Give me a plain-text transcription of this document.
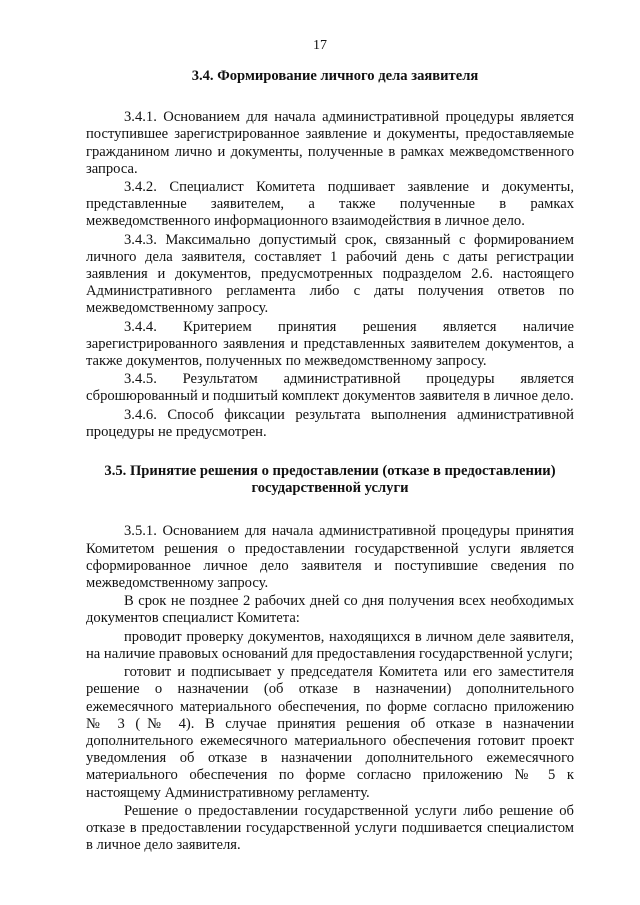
17

3.4. Формирование личного дела заявителя

3.4.1. Основанием для начала административной процедуры является поступившее зарегистрированное заявление и документы, предоставляемые гражданином лично и документы, полученные в рамках межведомственного запроса.

3.4.2. Специалист Комитета подшивает заявление и документы, представленные заявителем, а также полученные в рамках межведомственного информационного взаимодействия в личное дело.

3.4.3. Максимально допустимый срок, связанный с формированием личного дела заявителя, составляет 1 рабочий день с даты регистрации заявления и документов, предусмотренных подразделом 2.6. настоящего Административного регламента либо с даты получения ответов по межведомственному запросу.

3.4.4. Критерием принятия решения является наличие зарегистрированного заявления и представленных заявителем документов, а также документов, полученных по межведомственному запросу.

3.4.5. Результатом административной процедуры является сброшюрованный и подшитый комплект документов заявителя в личное дело.

3.4.6. Способ фиксации результата выполнения административной процедуры не предусмотрен.

3.5. Принятие решения о предоставлении (отказе в предоставлении)
государственной услуги

3.5.1. Основанием для начала административной процедуры принятия Комитетом решения о предоставлении государственной услуги является сформированное личное дело заявителя и поступившие сведения по межведомственному запросу.

В срок не позднее 2 рабочих дней со дня получения всех необходимых документов специалист Комитета:

проводит проверку документов, находящихся в личном деле заявителя, на наличие правовых оснований для предоставления государственной услуги;

готовит и подписывает у председателя Комитета или его заместителя решение о назначении (об отказе в назначении) дополнительного ежемесячного материального обеспечения, по форме согласно приложению № 3 (№ 4). В случае принятия решения об отказе в назначении дополнительного ежемесячного материального обеспечения готовит проект уведомления об отказе в назначении дополнительного ежемесячного материального обеспечения по форме согласно приложению № 5 к настоящему Административному регламенту.

Решение о предоставлении государственной услуги либо решение об отказе в предоставлении государственной услуги подшивается специалистом в личное дело заявителя.
